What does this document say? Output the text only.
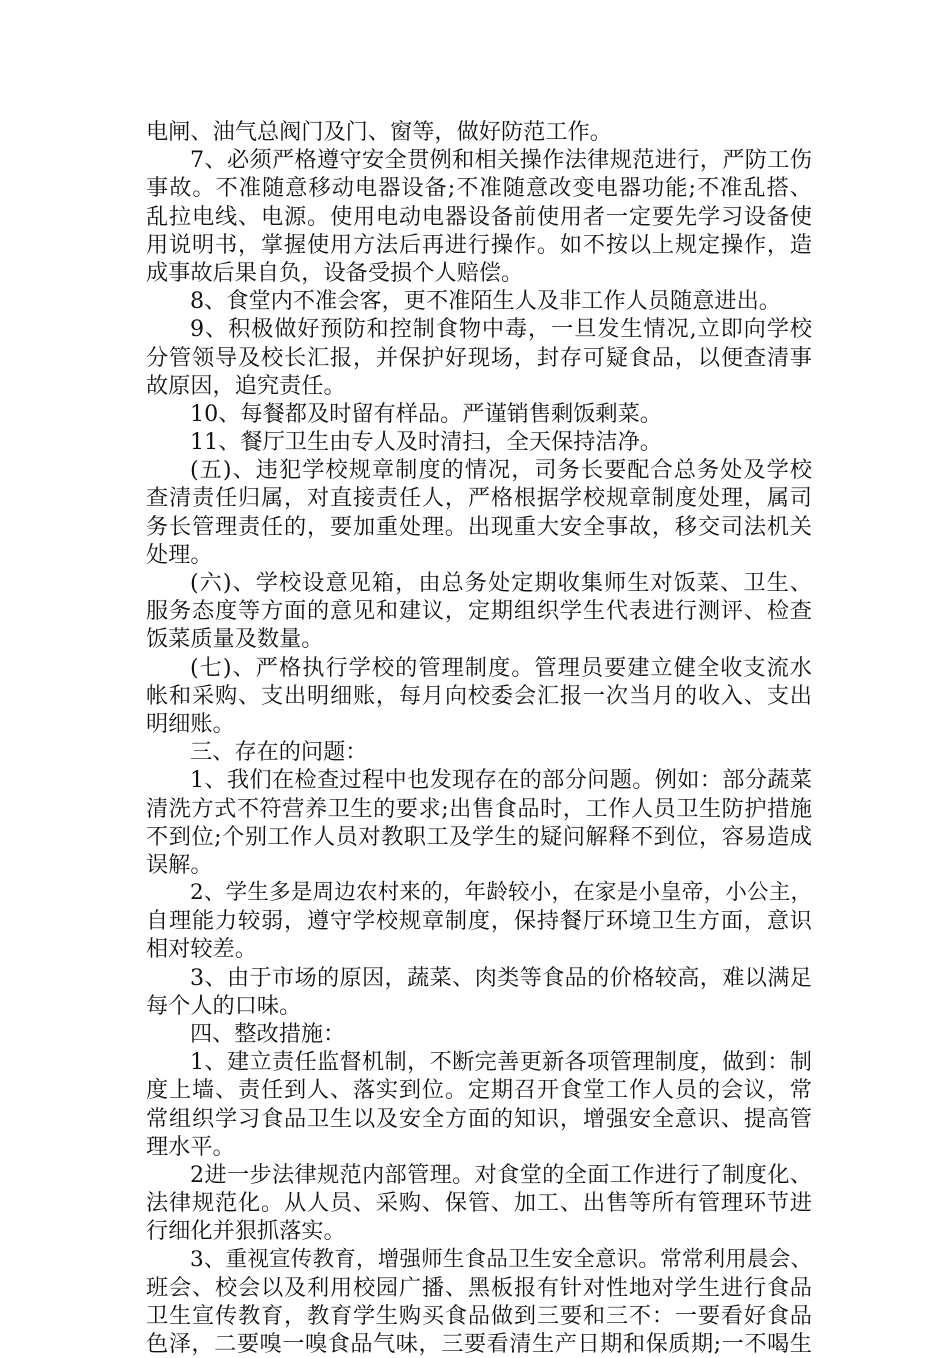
电闸、油气总阀门及门、窗等，做好防范工作。
7、必须严格遵守安全贯例和相关操作法律规范进行，严防工伤
事故。不准随意移动电器设备;不准随意改变电器功能;不准乱搭、
乱拉电线、电源。使用电动电器设备前使用者一定要先学习设备使
用说明书，掌握使用方法后再进行操作。如不按以上规定操作，造
成事故后果自负，设备受损个人赔偿。
8、食堂内不准会客，更不准陌生人及非工作人员随意进出。
9、积极做好预防和控制食物中毒，一旦发生情况,立即向学校
分管领导及校长汇报，并保护好现场，封存可疑食品，以便查清事
故原因，追究责任。
10、每餐都及时留有样品。严谨销售剩饭剩菜。
11、餐厅卫生由专人及时清扫，全天保持洁净。
(五)、违犯学校规章制度的情况，司务长要配合总务处及学校
查清责任归属，对直接责任人，严格根据学校规章制度处理，属司
务长管理责任的，要加重处理。出现重大安全事故，移交司法机关
处理。
(六)、学校设意见箱，由总务处定期收集师生对饭菜、卫生、
服务态度等方面的意见和建议，定期组织学生代表进行测评、检查
饭菜质量及数量。
(七)、严格执行学校的管理制度。管理员要建立健全收支流水
帐和采购、支出明细账，每月向校委会汇报一次当月的收入、支出
明细账。
三、存在的问题：
1、我们在检查过程中也发现存在的部分问题。例如：部分蔬菜
清洗方式不符营养卫生的要求;出售食品时，工作人员卫生防护措施
不到位;个别工作人员对教职工及学生的疑问解释不到位，容易造成
误解。
2、学生多是周边农村来的，年龄较小，在家是小皇帝，小公主，
自理能力较弱，遵守学校规章制度，保持餐厅环境卫生方面，意识
相对较差。
3、由于市场的原因，蔬菜、肉类等食品的价格较高，难以满足
每个人的口味。
四、整改措施：
1、建立责任监督机制，不断完善更新各项管理制度，做到：制
度上墙、责任到人、落实到位。定期召开食堂工作人员的会议，常
常组织学习食品卫生以及安全方面的知识，增强安全意识、提高管
理水平。
2进一步法律规范内部管理。对食堂的全面工作进行了制度化、
法律规范化。从人员、采购、保管、加工、出售等所有管理环节进
行细化并狠抓落实。
3、重视宣传教育，增强师生食品卫生安全意识。常常利用晨会、
班会、校会以及利用校园广播、黑板报有针对性地对学生进行食品
卫生宣传教育，教育学生购买食品做到三要和三不：一要看好食品
色泽，二要嗅一嗅食品气味，三要看清生产日期和保质期;一不喝生
